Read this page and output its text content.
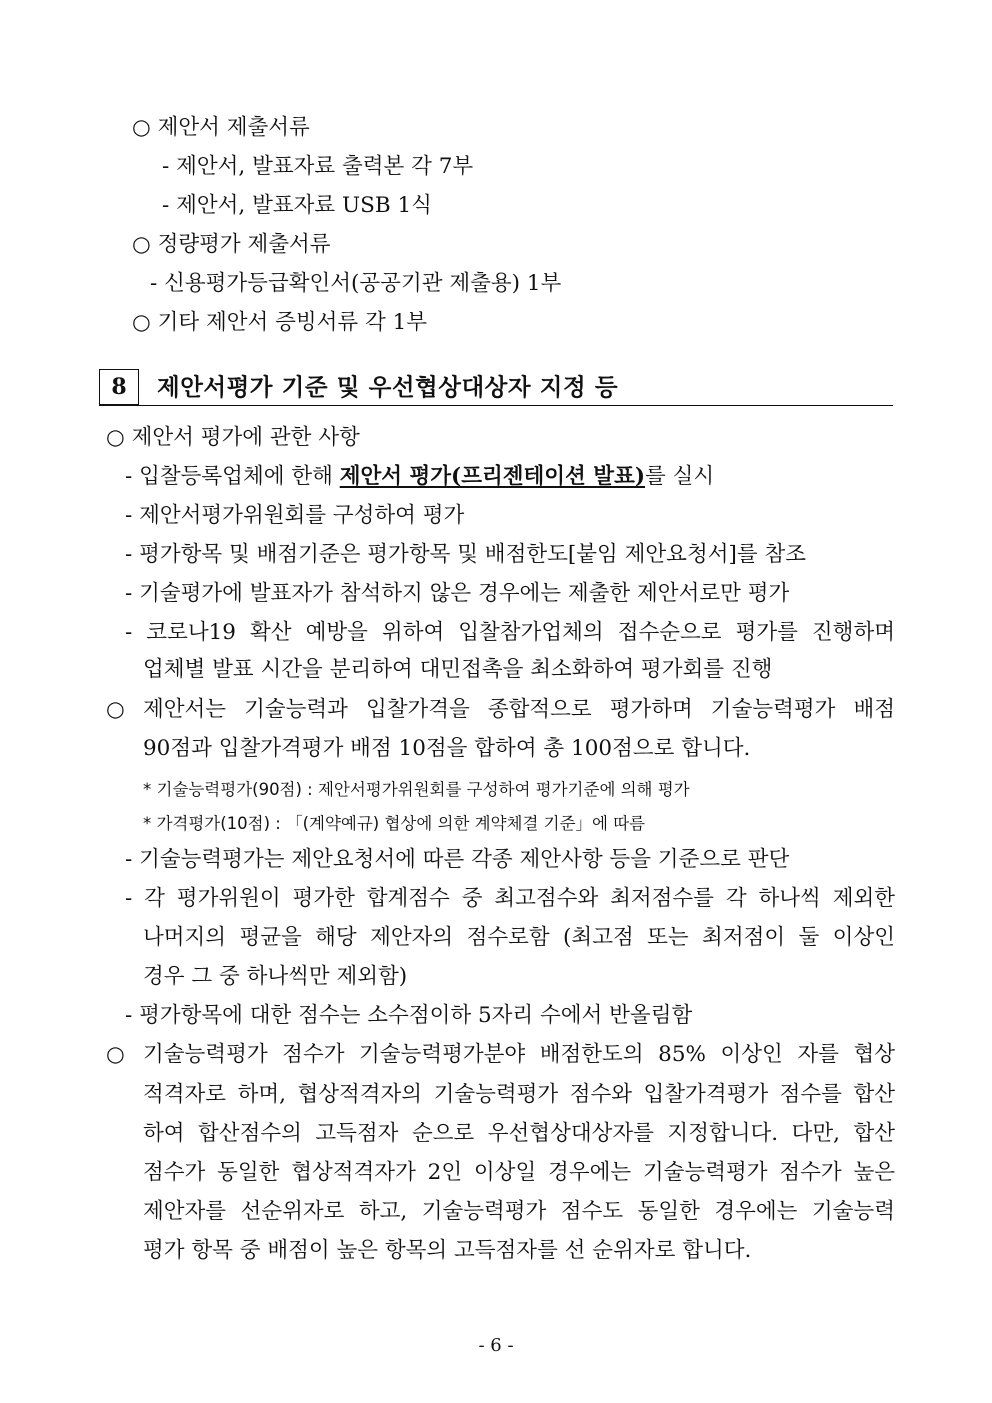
○ 제안서 제출서류
- 제안서, 발표자료 출력본 각 7부
- 제안서, 발표자료 USB 1식
○ 정량평가 제출서류
- 신용평가등급확인서(공공기관 제출용) 1부
○ 기타 제안서 증빙서류 각 1부
8	제안서평가 기준 및 우선협상대상자 지정 등
○ 제안서 평가에 관한 사항
- 입찰등록업체에 한해 제안서 평가(프리젠테이션 발표)를 실시
- 제안서평가위원회를 구성하여 평가
- 평가항목 및 배점기준은 평가항목 및 배점한도[붙임 제안요청서]를 참조
- 기술평가에 발표자가 참석하지 않은 경우에는 제출한 제안서로만 평가
- 코로나19 확산 예방을 위하여 입찰참가업체의 접수순으로 평가를 진행하며
업체별 발표 시간을 분리하여 대민접촉을 최소화하여 평가회를 진행
○ 제안서는 기술능력과 입찰가격을 종합적으로 평가하며 기술능력평가 배점
90점과 입찰가격평가 배점 10점을 합하여 총 100점으로 합니다.
* 기술능력평가(90점) : 제안서평가위원회를 구성하여 평가기준에 의해 평가
* 가격평가(10점) : 「(계약예규) 협상에 의한 계약체결 기준」에 따름
- 기술능력평가는 제안요청서에 따른 각종 제안사항 등을 기준으로 판단
- 각 평가위원이 평가한 합계점수 중 최고점수와 최저점수를 각 하나씩 제외한
나머지의 평균을 해당 제안자의 점수로함 (최고점 또는 최저점이 둘 이상인
경우 그 중 하나씩만 제외함)
- 평가항목에 대한 점수는 소수점이하 5자리 수에서 반올림함
○ 기술능력평가 점수가 기술능력평가분야 배점한도의 85% 이상인 자를 협상
적격자로 하며, 협상적격자의 기술능력평가 점수와 입찰가격평가 점수를 합산
하여 합산점수의 고득점자 순으로 우선협상대상자를 지정합니다. 다만, 합산
점수가 동일한 협상적격자가 2인 이상일 경우에는 기술능력평가 점수가 높은
제안자를 선순위자로 하고, 기술능력평가 점수도 동일한 경우에는 기술능력
평가 항목 중 배점이 높은 항목의 고득점자를 선 순위자로 합니다.
- 6 -
